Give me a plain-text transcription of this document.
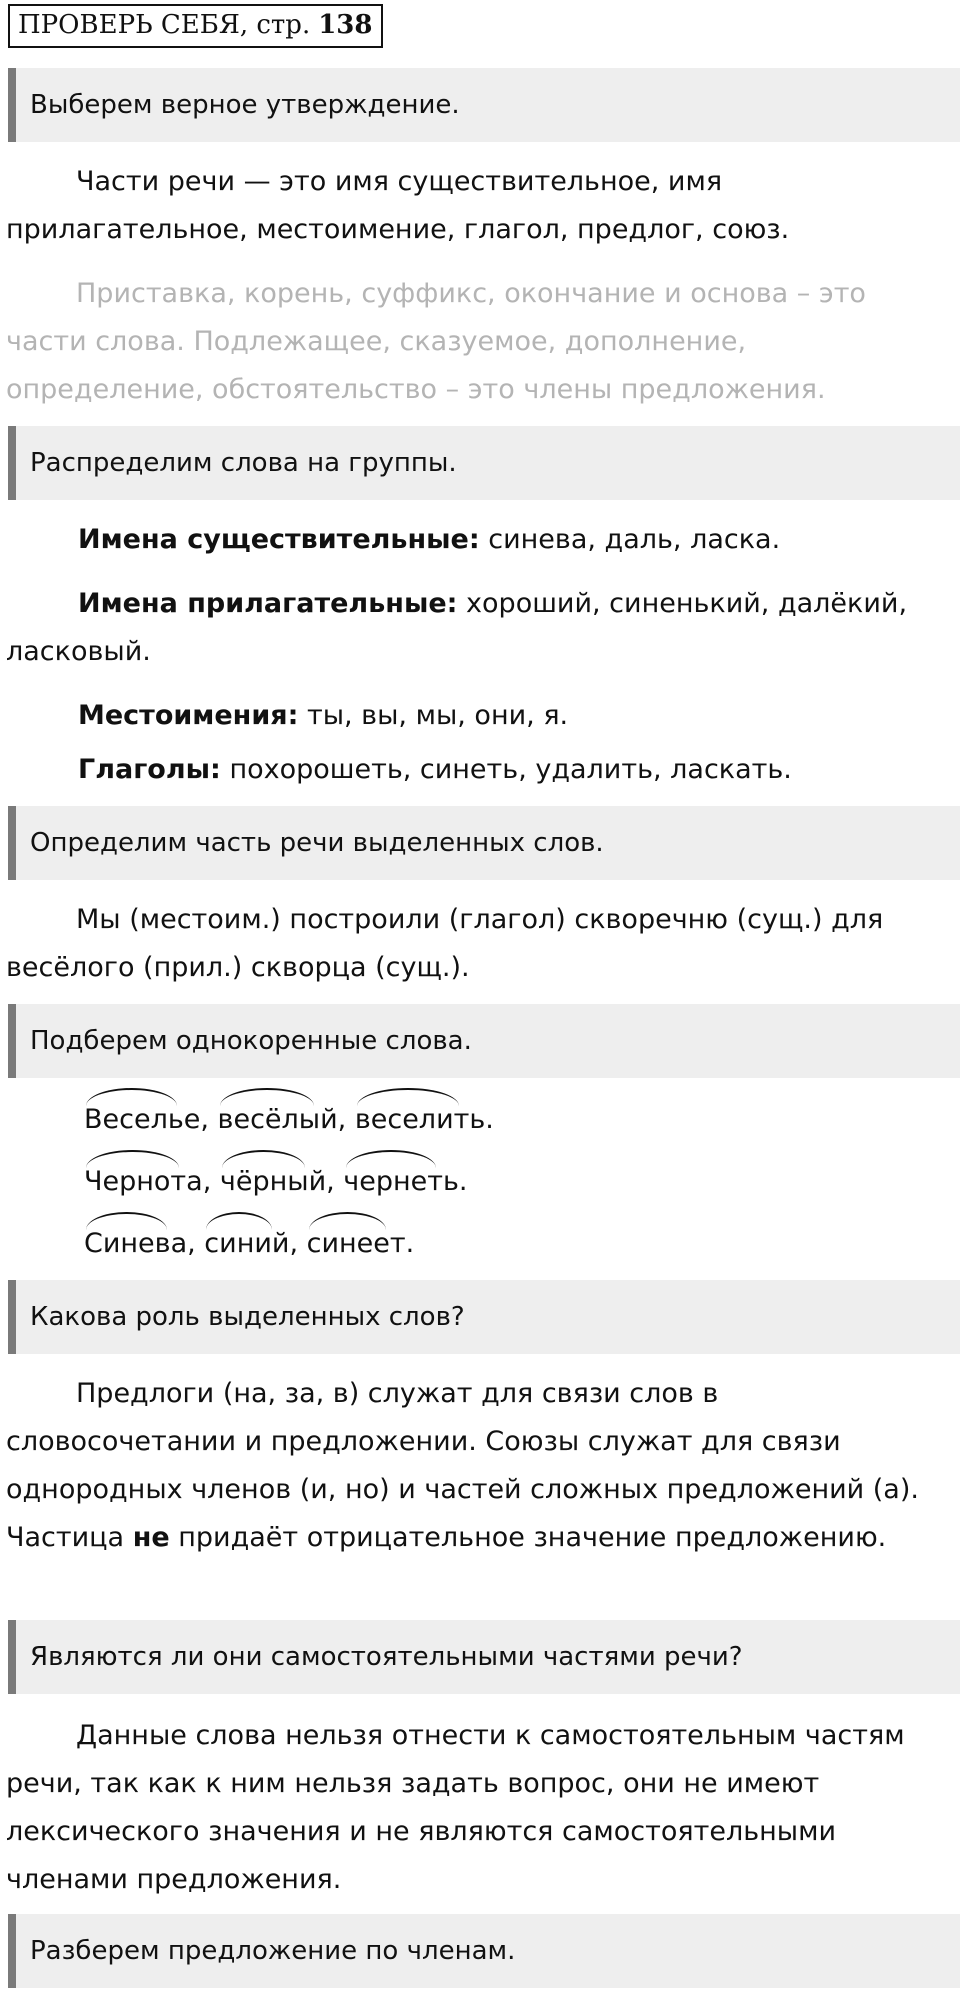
ПРОВЕРЬ СЕБЯ, стр. 138
Выберем верное утверждение.

Части речи — это имя существительное, имя прилагательное, местоимение, глагол, предлог, союз.

Приставка, корень, суффикс, окончание и основа – это части слова. Подлежащее, сказуемое, дополнение, определение, обстоятельство – это члены предложения.

Распределим слова на группы.
Имена существительные: синева, даль, ласка.
Имена прилагательные: хороший, синенький, далёкий,
ласковый.
Местоимения: ты, вы, мы, они, я.
Глаголы: похорошеть, синеть, удалить, ласкать.
Определим часть речи выделенных слов.

Мы (местоим.) построили (глагол) скворечню (сущ.) для весёлого (прил.) скворца (сущ.).

Подберем однокоренные слова.
Веселье
, весёлый
, веселить
.
Чернота
, чёрный
, чернеть
.
Синева
, синий
, синеет
.
Какова роль выделенных слов?

Предлоги (на, за, в) служат для связи слов в словосочетании и предложении. Союзы служат для связи однородных членов (и, но) и частей сложных предложений (а). Частица не придаёт отрицательное значение предложению.

Являются ли они самостоятельными частями речи?

Данные слова нельзя отнести к самостоятельным частям речи, так как к ним нельзя задать вопрос, они не имеют лексического значения и не являются самостоятельными членами предложения.

Разберем предложение по членам.
